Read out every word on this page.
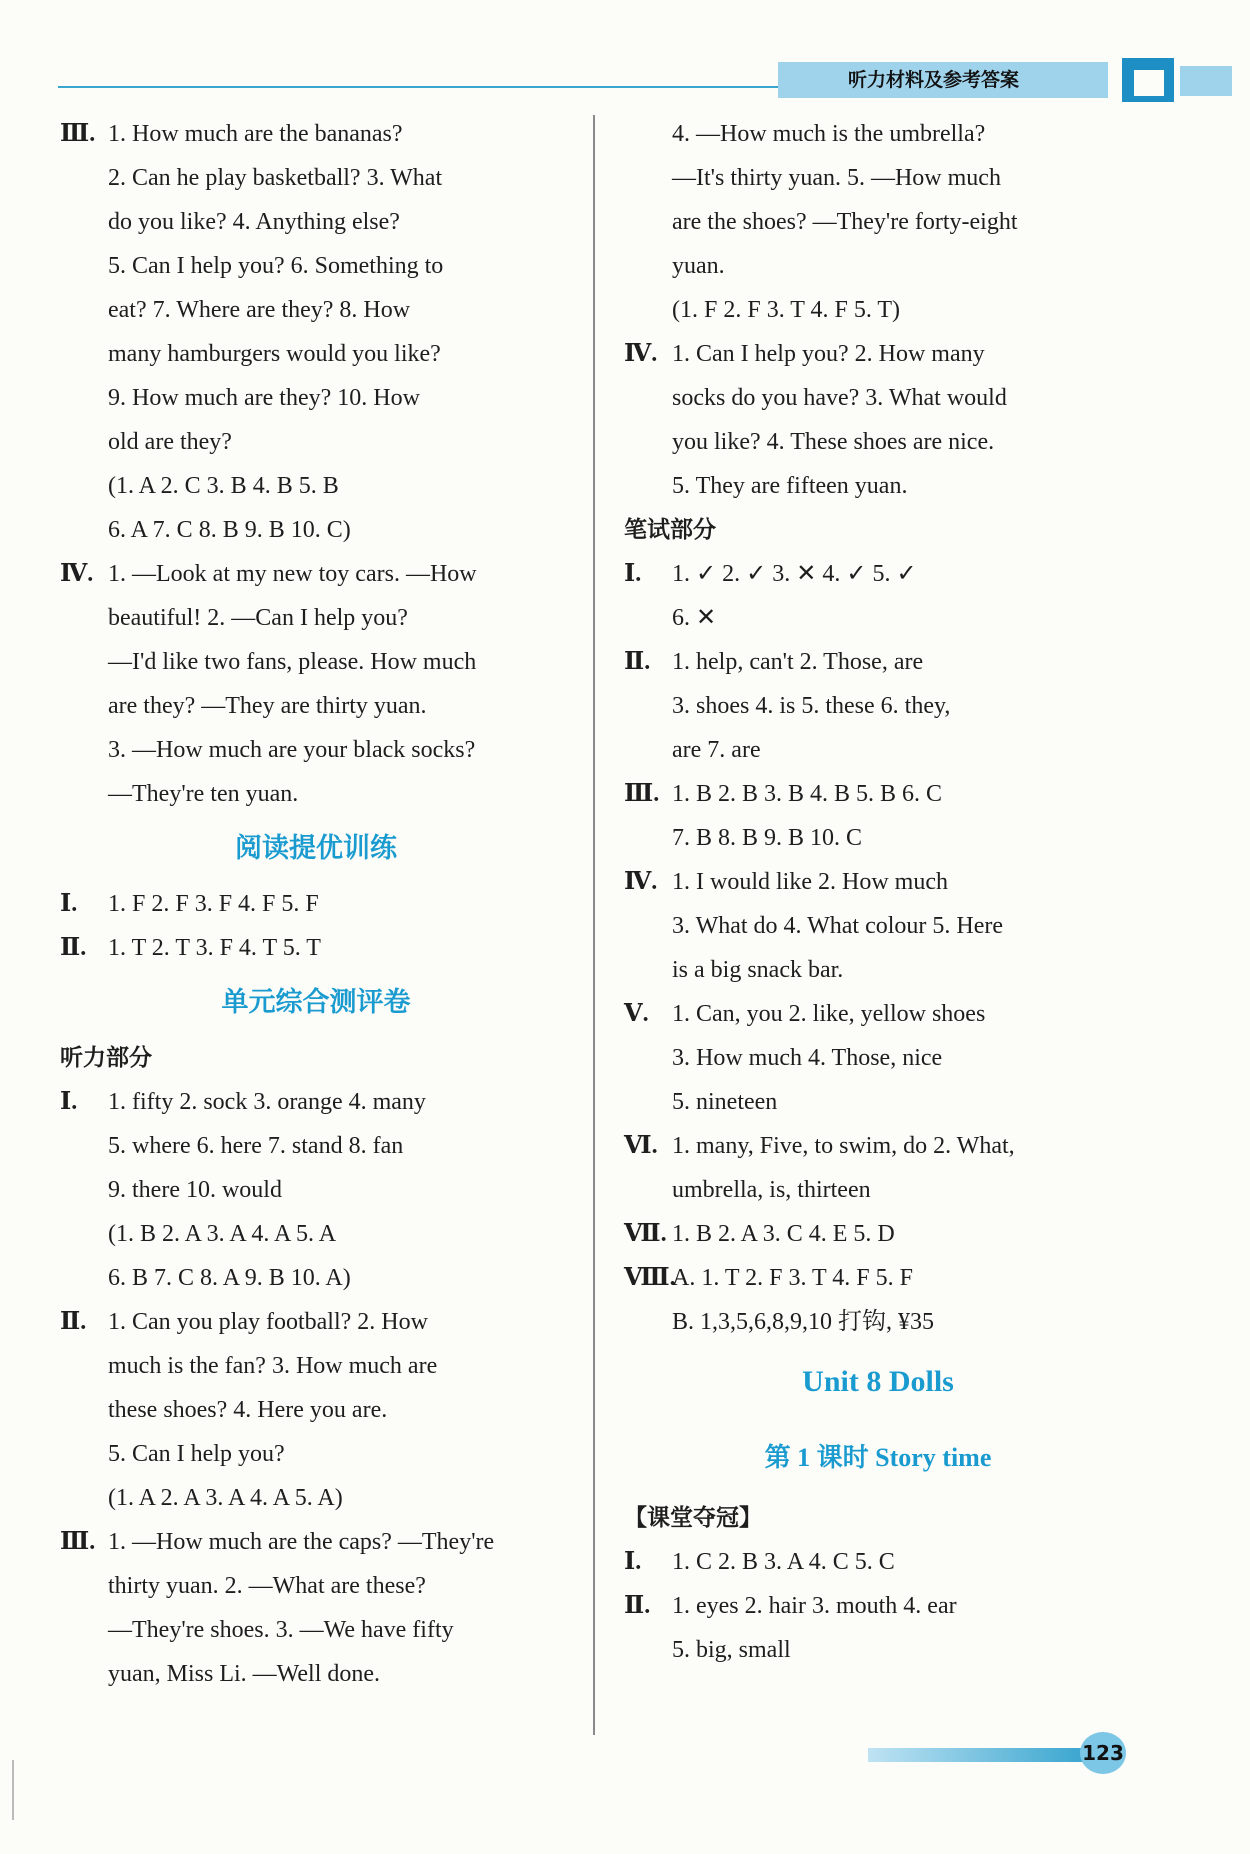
听力材料及参考答案
Ⅲ. 1. How much are the bananas?
2. Can he play basketball? 3. What
do you like? 4. Anything else?
5. Can I help you? 6. Something to
eat? 7. Where are they? 8. How
many hamburgers would you like?
9. How much are they? 10. How
old are they?
(1. A 2. C 3. B 4. B 5. B
6. A 7. C 8. B 9. B 10. C)
Ⅳ. 1. —Look at my new toy cars. —How
beautiful! 2. —Can I help you?
—I'd like two fans, please. How much
are they? —They are thirty yuan.
3. —How much are your black socks?
—They're ten yuan.
阅读提优训练
Ⅰ. 1. F 2. F 3. F 4. F 5. F
Ⅱ. 1. T 2. T 3. F 4. T 5. T
单元综合测评卷
听力部分
Ⅰ. 1. fifty 2. sock 3. orange 4. many
5. where 6. here 7. stand 8. fan
9. there 10. would
(1. B 2. A 3. A 4. A 5. A
6. B 7. C 8. A 9. B 10. A)
Ⅱ. 1. Can you play football? 2. How
much is the fan? 3. How much are
these shoes? 4. Here you are.
5. Can I help you?
(1. A 2. A 3. A 4. A 5. A)
Ⅲ. 1. —How much are the caps? —They're
thirty yuan. 2. —What are these?
—They're shoes. 3. —We have fifty
yuan, Miss Li. —Well done.
4. —How much is the umbrella?
—It's thirty yuan. 5. —How much
are the shoes? —They're forty-eight
yuan.
(1. F 2. F 3. T 4. F 5. T)
Ⅳ. 1. Can I help you? 2. How many
socks do you have? 3. What would
you like? 4. These shoes are nice.
5. They are fifteen yuan.
笔试部分
Ⅰ. 1. ✓ 2. ✓ 3. ✕ 4. ✓ 5. ✓
6. ✕
Ⅱ. 1. help, can't 2. Those, are
3. shoes 4. is 5. these 6. they,
are 7. are
Ⅲ. 1. B 2. B 3. B 4. B 5. B 6. C
7. B 8. B 9. B 10. C
Ⅳ. 1. I would like 2. How much
3. What do 4. What colour 5. Here
is a big snack bar.
Ⅴ. 1. Can, you 2. like, yellow shoes
3. How much 4. Those, nice
5. nineteen
Ⅵ. 1. many, Five, to swim, do 2. What,
umbrella, is, thirteen
Ⅶ. 1. B 2. A 3. C 4. E 5. D
Ⅷ.A. 1. T 2. F 3. T 4. F 5. F
B. 1,3,5,6,8,9,10 打钩, ¥35
Unit 8 Dolls
第 1 课时 Story time
【课堂夺冠】
Ⅰ. 1. C 2. B 3. A 4. C 5. C
Ⅱ. 1. eyes 2. hair 3. mouth 4. ear
5. big, small
123
